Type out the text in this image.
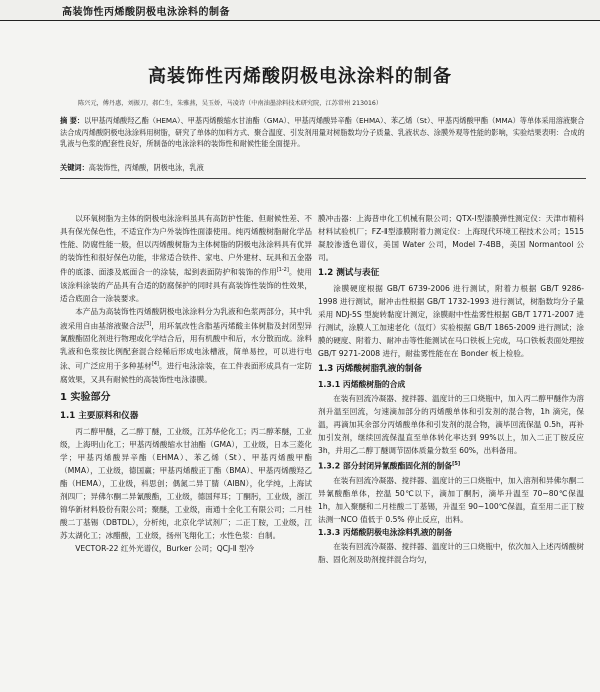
高装饰性丙烯酸阴极电泳涂料的制备
高装饰性丙烯酸阴极电泳涂料的制备
陈兴元，傅丹惠，刘振刀，郝仁生，朱雅燕，吴玉娇，马凌诗（中南油墨涂料技术研究院，江苏常州 213016）
摘 要：以甲基丙烯酸羟乙酯（HEMA）、甲基丙烯酸缩水甘油酯（GMA）、甲基丙烯酸异辛酯（EHMA）、苯乙烯（St）、甲基丙烯酸甲酯（MMA）等单体采用溶液聚合法合成丙烯酸阴极电泳涂料用树脂，研究了单体的加料方式、聚合温度、引发剂用量对树脂数均分子质量、乳液状态、涂膜外观等性能的影响，实验结果表明：合成的乳液与色浆的配套性良好，所制备的电泳涂料的装饰性和耐候性能全面提升。
关键词：高装饰性，丙烯酸，阴极电泳，乳液

以环氧树脂为主体的阴极电泳涂料虽具有高防护性能、但耐候性差、不具有保光保色性，不适宜作为户外装饰性面漆使用。纯丙烯酸树脂耐化学品性能、防腐性能一般，但以丙烯酸树脂为主体树脂的阴极电泳涂料具有优异的装饰性和很好保色功能，非常适合铁件、家电、户外建材、玩具和五金器件的底漆、面漆及底面合一的涂装，起到表面防护和装饰的作用[1-2]。使用该涂料涂装的产品具有合适的防腐保护的同时具有高装饰性装饰的性效果，适合底面合一涂装要求。

本产品为高装饰性丙烯酸阴极电泳涂料分为乳液和色浆两部分，其中乳液采用自由基溶液聚合法[3]，用环氧改性含脂基丙烯酸主体树脂及封闭型异氰酸酯固化剂进行物理或化学结合后，用有机酸中和后，水分散而成。涂料乳液和色浆按比例配套混合经稀后形成电泳槽液，简单易控，可以进行电泳、可广泛应用于多种基材[4]。进行电泳涂装，在工件表面形成具有一定防腐效果，又具有耐候性的高装饰性电泳漆膜。

1 实验部分
1.1 主要原料和仪器

丙二醇甲醚，乙二醇丁醚，工业级，江苏华伦化工；丙二醇苯醚，工业级，上海明山化工；甲基丙烯酸缩水甘油酯（GMA），工业级，日本三菱化学；甲基丙烯酸异辛酯（EHMA）、苯乙烯（St）、甲基丙烯酸甲酯（MMA），工业级，德国赢；甲基丙烯酸正丁酯（BMA）、甲基丙烯酸羟乙酯（HEMA），工业级，科思创；偶氮二异丁腈（AIBN），化学纯，上海试剂四厂；异佛尔酮二异氰酸酯，工业级，德国拜耳；丁酮肟，工业级，浙江锦华新材料股份有限公司；聚醚，工业级，南通十全化工有限公司；二月桂酸二丁基锡（DBTDL），分析纯，北京化学试剂厂；二正丁胺，工业级，江苏太湖化工；冰醋酸，工业级，扬州飞翔化工；水性色浆：自制。

VECTOR-22 红外光谱仪，Burker 公司；QCJ-Ⅱ 型冷

膜冲击器：上海普申化工机械有限公司；QTX-Ⅰ型漆膜弹性测定仪：天津市精科材料试验机厂；FZ-Ⅱ型漆膜附着力测定仪：上海现代环境工程技术公司；1515 凝胶渗透色谱仪，美国 Water 公司，Model 7-4BB，美国 Normantool 公司。

1.2 测试与表征

涂膜硬度根据 GB/T 6739-2006 进行测试，附着力根据 GB/T 9286-1998 进行测试，耐冲击性根据 GB/T 1732-1993 进行测试，树脂数均分子量采用 NDJ-5S 型旋转黏度计测定，涂膜耐中性盐雾性根据 GB/T 1771-2007 进行测试，涂膜人工加速老化（氙灯）实验根据 GB/T 1865-2009 进行测试；涂膜的硬度、附着力、耐冲击等性能测试在马口铁板上完成，马口铁板表面处理按 GB/T 9271-2008 进行，耐盐雾性能在在 Bonder 板上检验。

1.3 丙烯酸树脂乳液的制备
1.3.1 丙烯酸树脂的合成

在装有回流冷凝器、搅拌器、温度计的三口烧瓶中，加入丙二醇甲醚作为溶剂升温至回流，匀速滴加部分的丙烯酸单体和引发剂的混合物，1h 滴完，保温，再滴加其余部分丙烯酸单体和引发剂的混合物，滴毕回流保温 0.5h，再补加引发剂，继续回流保温直至单体转化率达到 99%以上，加入二正丁胺反应 3h，并用乙二醇丁醚调节固体质量分数至 60%，出料备用。

1.3.2 部分封闭异氰酸酯固化剂的制备[5]

在装有回流冷凝器、搅拌器、温度计的三口烧瓶中，加入溶剂和异佛尔酮二异氰酸酯单体，控温 50℃以下，滴加丁酮肟，滴毕升温至 70~80℃保温 1h，加入聚醚和二月桂酸二丁基锡，升温至 90~100℃保温，直至用二正丁胺法测一NCO 值低于 0.5% 停止反应，出料。

1.3.3 丙烯酸阴极电泳涂料乳液的制备

在装有回流冷凝器、搅拌器、温度计的三口烧瓶中，依次加入上述丙烯酸树脂、固化剂及助剂搅拌混合均匀，
